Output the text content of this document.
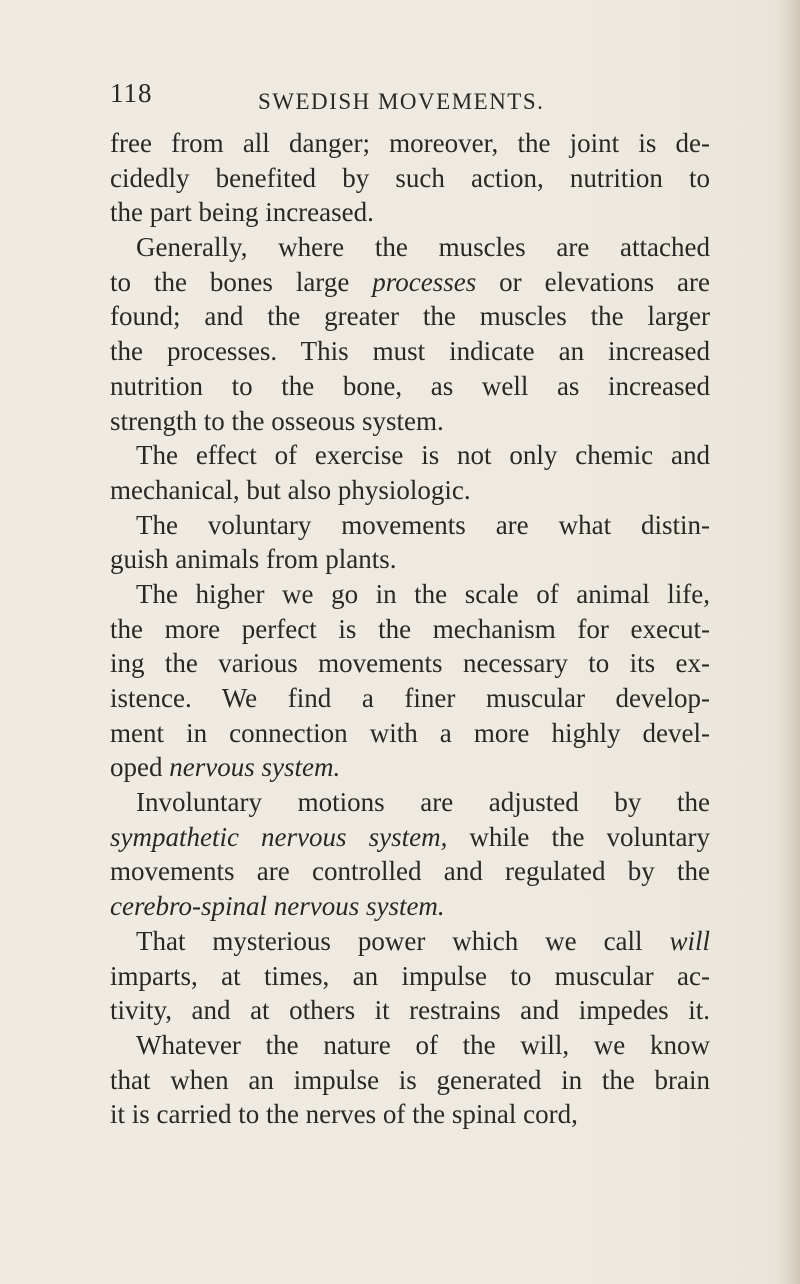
118	SWEDISH MOVEMENTS.
free from all danger; moreover, the joint is de-
cidedly benefited by such action, nutrition to
the part being increased.
Generally, where the muscles are attached
to the bones large processes or elevations are
found; and the greater the muscles the larger
the processes. This must indicate an increased
nutrition to the bone, as well as increased
strength to the osseous system.
The effect of exercise is not only chemic and
mechanical, but also physiologic.
The voluntary movements are what distin-
guish animals from plants.
The higher we go in the scale of animal life,
the more perfect is the mechanism for execut-
ing the various movements necessary to its ex-
istence. We find a finer muscular develop-
ment in connection with a more highly devel-
oped nervous system.
Involuntary motions are adjusted by the
sympathetic nervous system, while the voluntary
movements are controlled and regulated by the
cerebro-spinal nervous system.
That mysterious power which we call will
imparts, at times, an impulse to muscular ac-
tivity, and at others it restrains and impedes it.
Whatever the nature of the will, we know
that when an impulse is generated in the brain
it is carried to the nerves of the spinal cord,
